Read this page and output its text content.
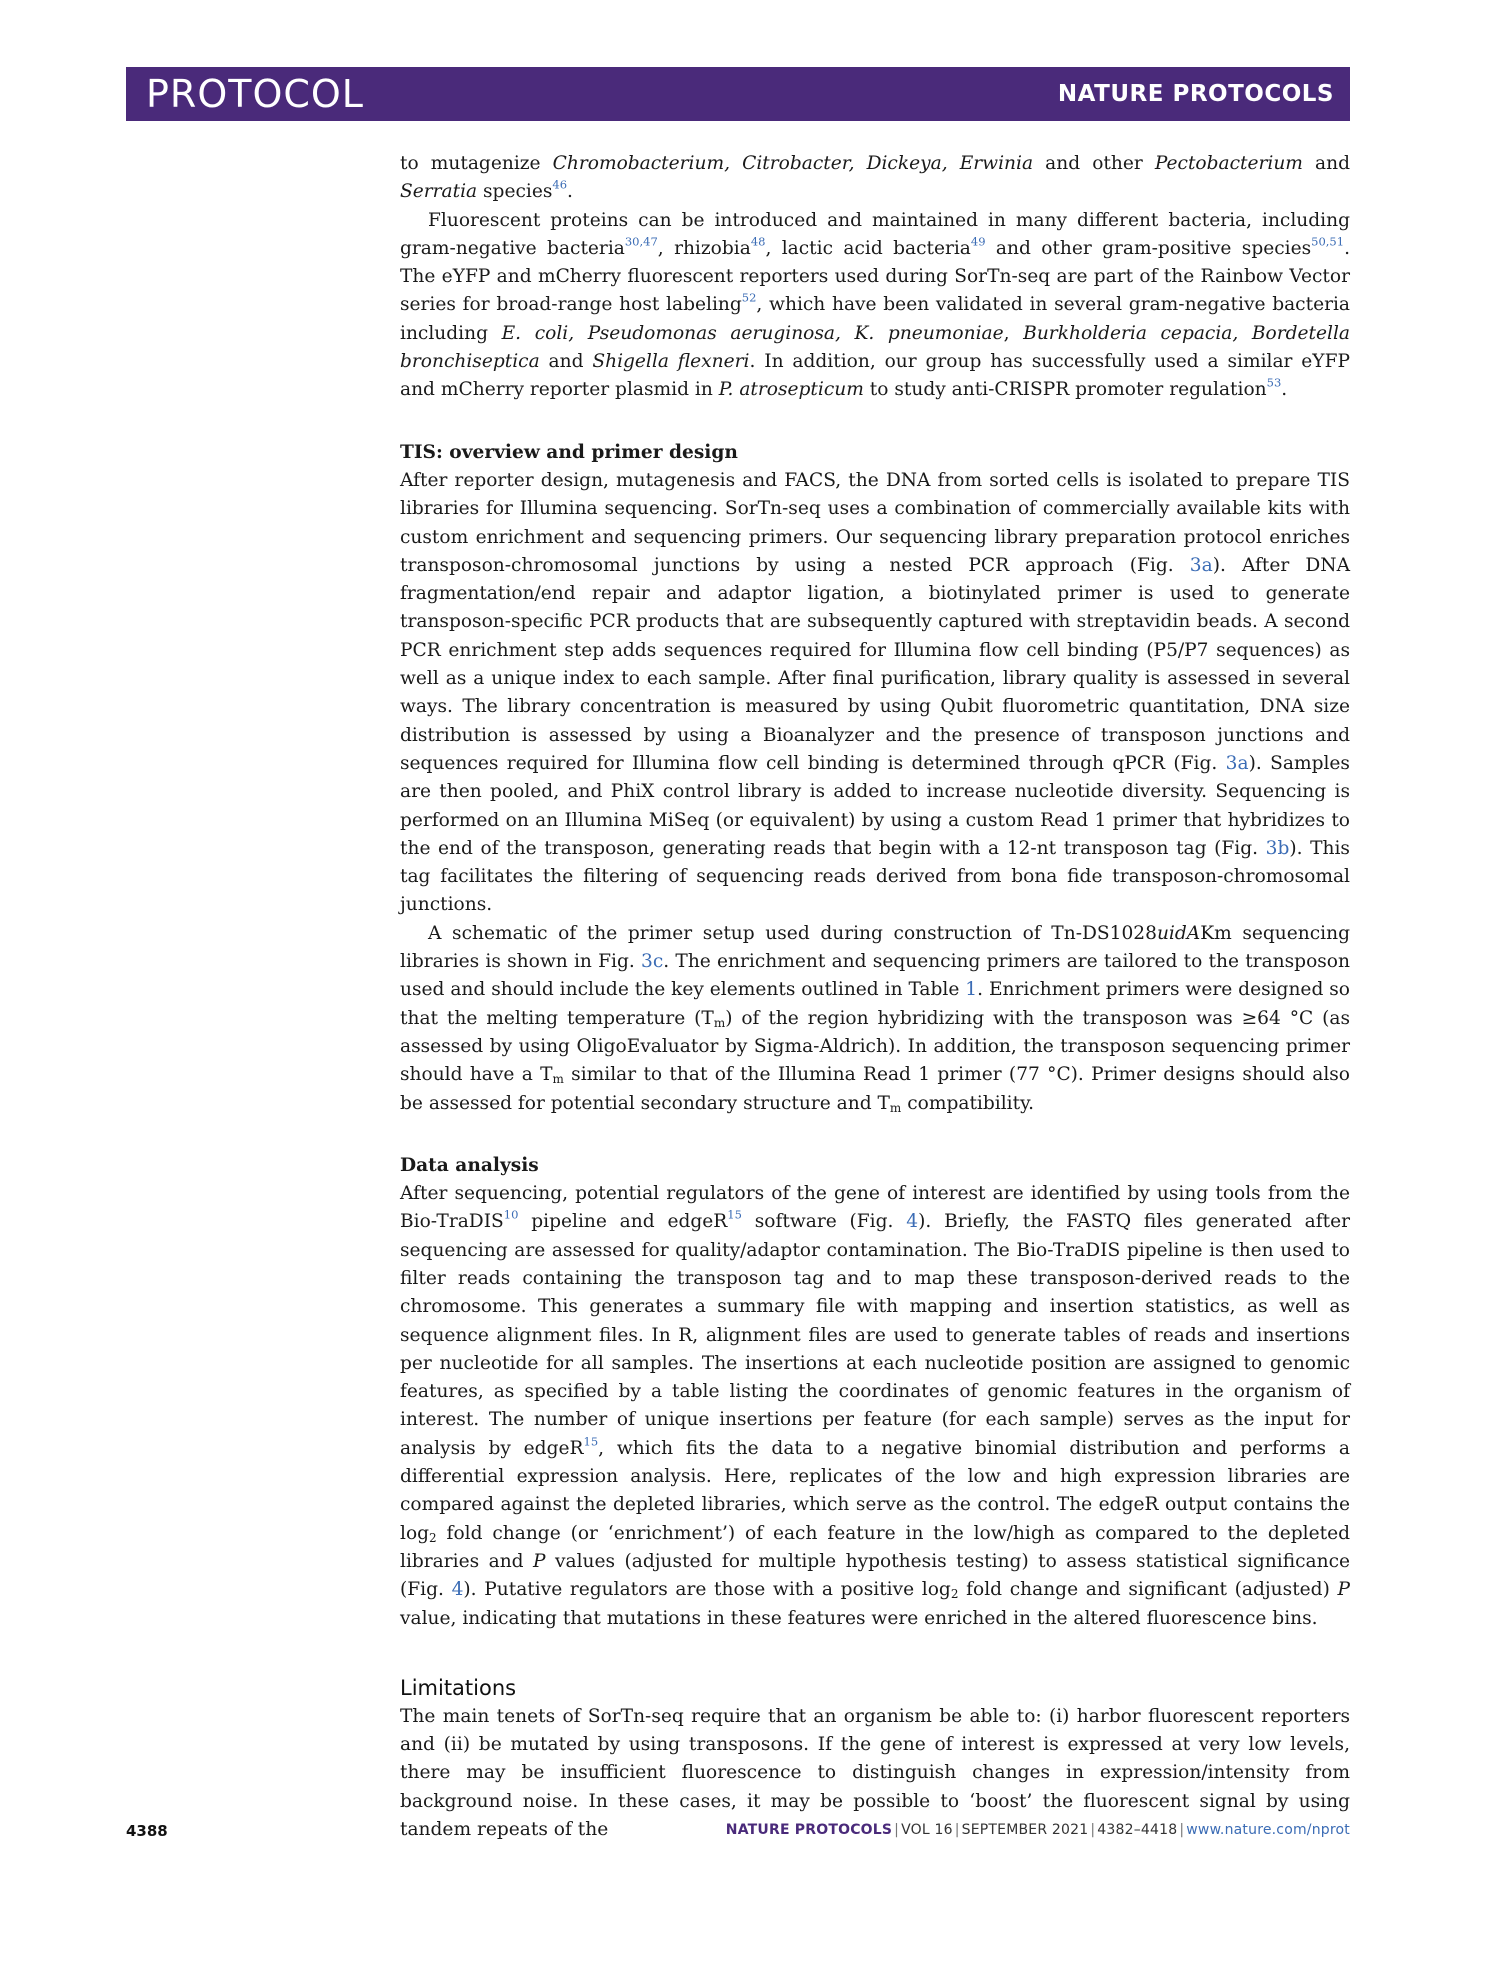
PROTOCOL	NATURE PROTOCOLS

to mutagenize Chromobacterium, Citrobacter, Dickeya, Erwinia and other Pectobacterium and Serratia species$^{46}$.

Fluorescent proteins can be introduced and maintained in many different bacteria, including gram-negative bacteria$^{30,47}$, rhizobia$^{48}$, lactic acid bacteria$^{49}$ and other gram-positive species$^{50,51}$. The eYFP and mCherry fluorescent reporters used during SorTn-seq are part of the Rainbow Vector series for broad-range host labeling$^{52}$, which have been validated in several gram-negative bacteria including E. coli, Pseudomonas aeruginosa, K. pneumoniae, Burkholderia cepacia, Bordetella bronchiseptica and Shigella flexneri. In addition, our group has successfully used a similar eYFP and mCherry reporter plasmid in P. atrosepticum to study anti-CRISPR promoter regulation$^{53}$.

TIS: overview and primer design

After reporter design, mutagenesis and FACS, the DNA from sorted cells is isolated to prepare TIS libraries for Illumina sequencing. SorTn-seq uses a combination of commercially available kits with custom enrichment and sequencing primers. Our sequencing library preparation protocol enriches transposon-chromosomal junctions by using a nested PCR approach (Fig. 3a). After DNA fragmentation/end repair and adaptor ligation, a biotinylated primer is used to generate transposon-specific PCR products that are subsequently captured with streptavidin beads. A second PCR enrichment step adds sequences required for Illumina flow cell binding (P5/P7 sequences) as well as a unique index to each sample. After final purification, library quality is assessed in several ways. The library concentration is measured by using Qubit fluorometric quantitation, DNA size distribution is assessed by using a Bioanalyzer and the presence of transposon junctions and sequences required for Illumina flow cell binding is determined through qPCR (Fig. 3a). Samples are then pooled, and PhiX control library is added to increase nucleotide diversity. Sequencing is performed on an Illumina MiSeq (or equivalent) by using a custom Read 1 primer that hybridizes to the end of the transposon, generating reads that begin with a 12-nt transposon tag (Fig. 3b). This tag facilitates the filtering of sequencing reads derived from bona fide transposon-chromosomal junctions.

A schematic of the primer setup used during construction of Tn-DS1028uidAKm sequencing libraries is shown in Fig. 3c. The enrichment and sequencing primers are tailored to the transposon used and should include the key elements outlined in Table 1. Enrichment primers were designed so that the melting temperature $(T_m)$ of the region hybridizing with the transposon was ≥64 °C (as assessed by using OligoEvaluator by Sigma-Aldrich). In addition, the transposon sequencing primer should have a $T_m$ similar to that of the Illumina Read 1 primer (77 °C). Primer designs should also be assessed for potential secondary structure and $T_m$ compatibility.

Data analysis

After sequencing, potential regulators of the gene of interest are identified by using tools from the Bio-TraDIS$^{10}$ pipeline and edgeR$^{15}$ software (Fig. 4). Briefly, the FASTQ files generated after sequencing are assessed for quality/adaptor contamination. The Bio-TraDIS pipeline is then used to filter reads containing the transposon tag and to map these transposon-derived reads to the chromosome. This generates a summary file with mapping and insertion statistics, as well as sequence alignment files. In R, alignment files are used to generate tables of reads and insertions per nucleotide for all samples. The insertions at each nucleotide position are assigned to genomic features, as specified by a table listing the coordinates of genomic features in the organism of interest. The number of unique insertions per feature (for each sample) serves as the input for analysis by edgeR$^{15}$, which fits the data to a negative binomial distribution and performs a differential expression analysis. Here, replicates of the low and high expression libraries are compared against the depleted libraries, which serve as the control. The edgeR output contains the $\log_2$ fold change (or ‘enrichment’) of each feature in the low/high as compared to the depleted libraries and P values (adjusted for multiple hypothesis testing) to assess statistical significance (Fig. 4). Putative regulators are those with a positive $\log_2$ fold change and significant (adjusted) P value, indicating that mutations in these features were enriched in the altered fluorescence bins.

Limitations

The main tenets of SorTn-seq require that an organism be able to: (i) harbor fluorescent reporters and (ii) be mutated by using transposons. If the gene of interest is expressed at very low levels, there may be insufficient fluorescence to distinguish changes in expression/intensity from background noise. In these cases, it may be possible to ‘boost’ the fluorescent signal by using tandem repeats of the

4388	NATURE PROTOCOLS | VOL 16 | SEPTEMBER 2021 | 4382–4418 | www.nature.com/nprot
